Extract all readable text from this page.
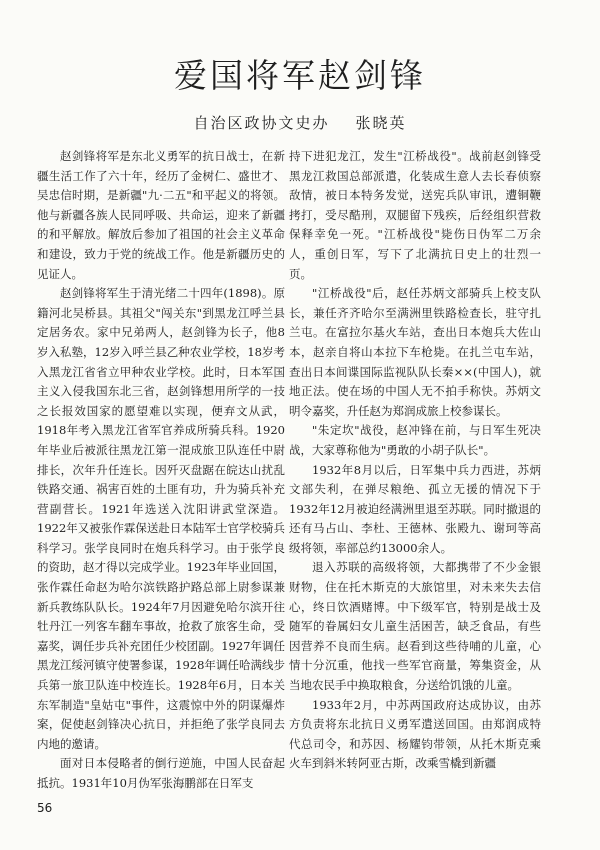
爱国将军赵剑锋
自治区政协文史办 张晓英

赵剑锋将军是东北义勇军的抗日战士，在新疆生活工作了六十年，经历了金树仁、盛世才、吴忠信时期，是新疆"九·二五"和平起义的将领。他与新疆各族人民同呼吸、共命运，迎来了新疆的和平解放。解放后参加了祖国的社会主义革命和建设，致力于党的统战工作。他是新疆历史的见证人。

赵剑锋将军生于清光绪二十四年(1898)。原籍河北吴桥县。其祖父"闯关东"到黑龙江呼兰县定居务农。家中兄弟两人，赵剑锋为长子，他8岁入私塾，12岁入呼兰县乙种农业学校，18岁考入黑龙江省省立甲种农业学校。此时，日本军国主义入侵我国东北三省，赵剑锋想用所学的一技之长报效国家的愿望难以实现，便弃文从武，1918年考入黑龙江省军官养成所骑兵科。1920年毕业后被派往黑龙江第一混成旅卫队连任中尉排长，次年升任连长。因歼灭盘踞在皖达山扰乱铁路交通、祸害百姓的土匪有功，升为骑兵补充营副营长。1921年选送入沈阳讲武堂深造。1922年又被张作霖保送赴日本陆军士官学校骑兵科学习。张学良同时在炮兵科学习。由于张学良的资助，赵才得以完成学业。1923年毕业回国，张作霖任命赵为哈尔滨铁路护路总部上尉参谋兼新兵教练队队长。1924年7月因避免哈尔滨开往牡丹江一列客车翻车事故，抢救了旅客生命，受嘉奖，调任步兵补充团任少校团副。1927年调任黑龙江绥河镇守使署参谋，1928年调任哈满线步兵第一旅卫队连中校连长。1928年6月，日本关东军制造"皇姑屯"事件，这震惊中外的阴谋爆炸案，促使赵剑锋决心抗日，并拒绝了张学良同去内地的邀请。

面对日本侵略者的倒行逆施，中国人民奋起抵抗。1931年10月伪军张海鹏部在日军支

持下进犯龙江，发生"江桥战役"。战前赵剑锋受黑龙江救国总部派遣，化装成生意人去长春侦察敌情，被日本特务发觉，送宪兵队审讯，遭铜鞭拷打，受尽酷刑，双腿留下残疾，后经组织营救保释幸免一死。"江桥战役"毙伤日伪军二万余人，重创日军，写下了北满抗日史上的壮烈一页。

"江桥战役"后，赵任苏炳文部骑兵上校支队长，兼任齐齐哈尔至满洲里铁路检查长，驻守扎兰屯。在富拉尔基火车站，查出日本炮兵大佐山本，赵亲自将山本拉下车枪毙。在扎兰屯车站，查出日本间谍国际监视队队长秦××(中国人)，就地正法。使在场的中国人无不拍手称快。苏炳文明令嘉奖，升任赵为郑润成旅上校参谋长。

"朱定坎"战役，赵冲锋在前，与日军生死决战，大家尊称他为"勇敢的小胡子队长"。

1932年8月以后，日军集中兵力西进，苏炳文部失利，在弹尽粮绝、孤立无援的情况下于1932年12月被迫经满洲里退至苏联。同时撤退的还有马占山、李杜、王德林、张殿九、谢珂等高级将领，率部总约13000余人。

退入苏联的高级将领，大都携带了不少金银财物，住在托木斯克的大旅馆里，对未来失去信心，终日饮酒赌博。中下级军官，特别是战士及随军的眷属妇女儿童生活困苦，缺乏食品，有些因营养不良而生病。赵看到这些待哺的儿童，心情十分沉重，他找一些军官商量，筹集资金，从当地农民手中换取粮食，分送给饥饿的儿童。

1933年2月，中苏两国政府达成协议，由苏方负责将东北抗日义勇军遣送回国。由郑润成特代总司令，和苏因、杨耀钧带领，从托木斯克乘火车到斜米转阿亚古斯，改乘雪橇到新疆

56
